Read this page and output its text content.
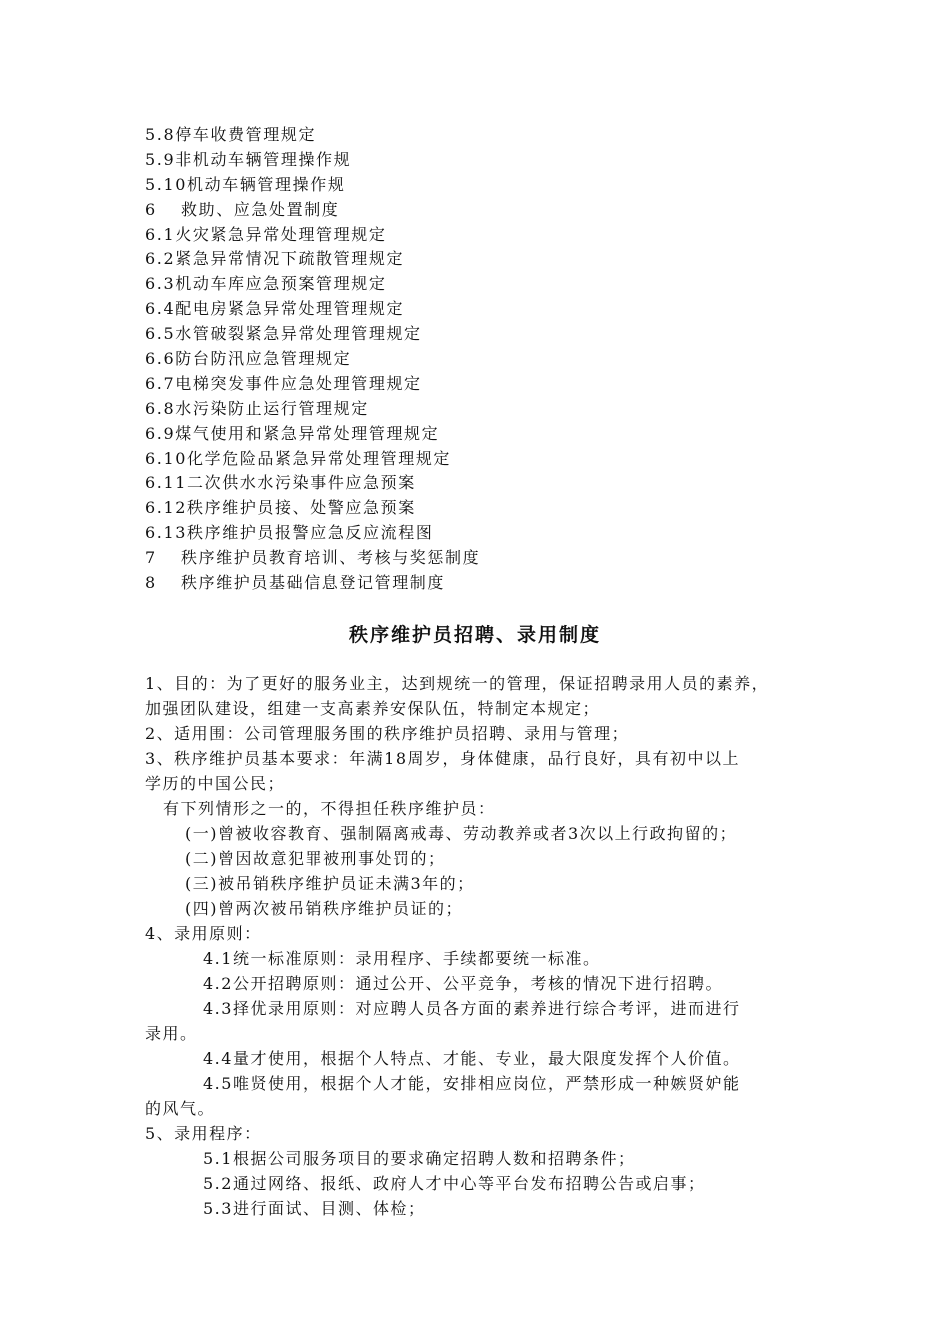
5.8停车收费管理规定
5.9非机动车辆管理操作规
5.10机动车辆管理操作规
6 救助、应急处置制度
6.1火灾紧急异常处理管理规定
6.2紧急异常情况下疏散管理规定
6.3机动车库应急预案管理规定
6.4配电房紧急异常处理管理规定
6.5水管破裂紧急异常处理管理规定
6.6防台防汛应急管理规定
6.7电梯突发事件应急处理管理规定
6.8水污染防止运行管理规定
6.9煤气使用和紧急异常处理管理规定
6.10化学危险品紧急异常处理管理规定
6.11二次供水水污染事件应急预案
6.12秩序维护员接、处警应急预案
6.13秩序维护员报警应急反应流程图
7 秩序维护员教育培训、考核与奖惩制度
8 秩序维护员基础信息登记管理制度
秩序维护员招聘、录用制度
1、目的：为了更好的服务业主，达到规统一的管理，保证招聘录用人员的素养，
加强团队建设，组建一支高素养安保队伍，特制定本规定；
2、适用围：公司管理服务围的秩序维护员招聘、录用与管理；
3、秩序维护员基本要求：年满18周岁，身体健康，品行良好，具有初中以上
学历的中国公民；
有下列情形之一的，不得担任秩序维护员：
(一)曾被收容教育、强制隔离戒毒、劳动教养或者3次以上行政拘留的；
(二)曾因故意犯罪被刑事处罚的；
(三)被吊销秩序维护员证未满3年的；
(四)曾两次被吊销秩序维护员证的；
4、录用原则：
4.1统一标准原则：录用程序、手续都要统一标准。
4.2公开招聘原则：通过公开、公平竞争，考核的情况下进行招聘。
4.3择优录用原则：对应聘人员各方面的素养进行综合考评，进而进行
录用。
4.4量才使用，根据个人特点、才能、专业，最大限度发挥个人价值。
4.5唯贤使用，根据个人才能，安排相应岗位，严禁形成一种嫉贤妒能
的风气。
5、录用程序：
5.1根据公司服务项目的要求确定招聘人数和招聘条件；
5.2通过网络、报纸、政府人才中心等平台发布招聘公告或启事；
5.3进行面试、目测、体检；
